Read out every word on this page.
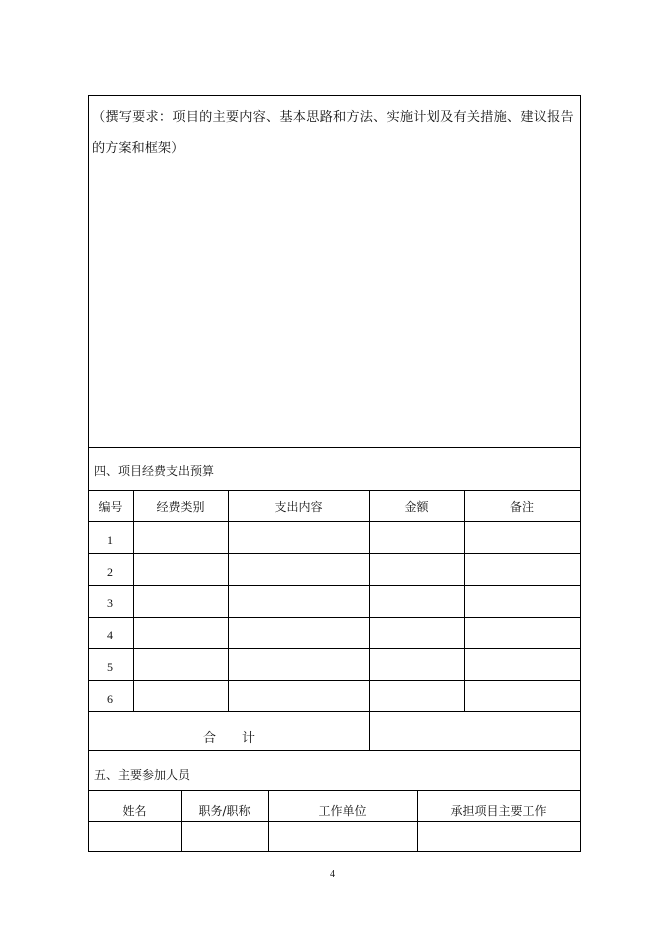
（撰写要求：项目的主要内容、基本思路和方法、实施计划及有关措施、建议报告
的方案和框架）
四、项目经费支出预算
编号	经费类别	支出内容	金额	备注
1
2
3
4
5
6
合　　计
五、主要参加人员
姓名	职务/职称	工作单位	承担项目主要工作
4
